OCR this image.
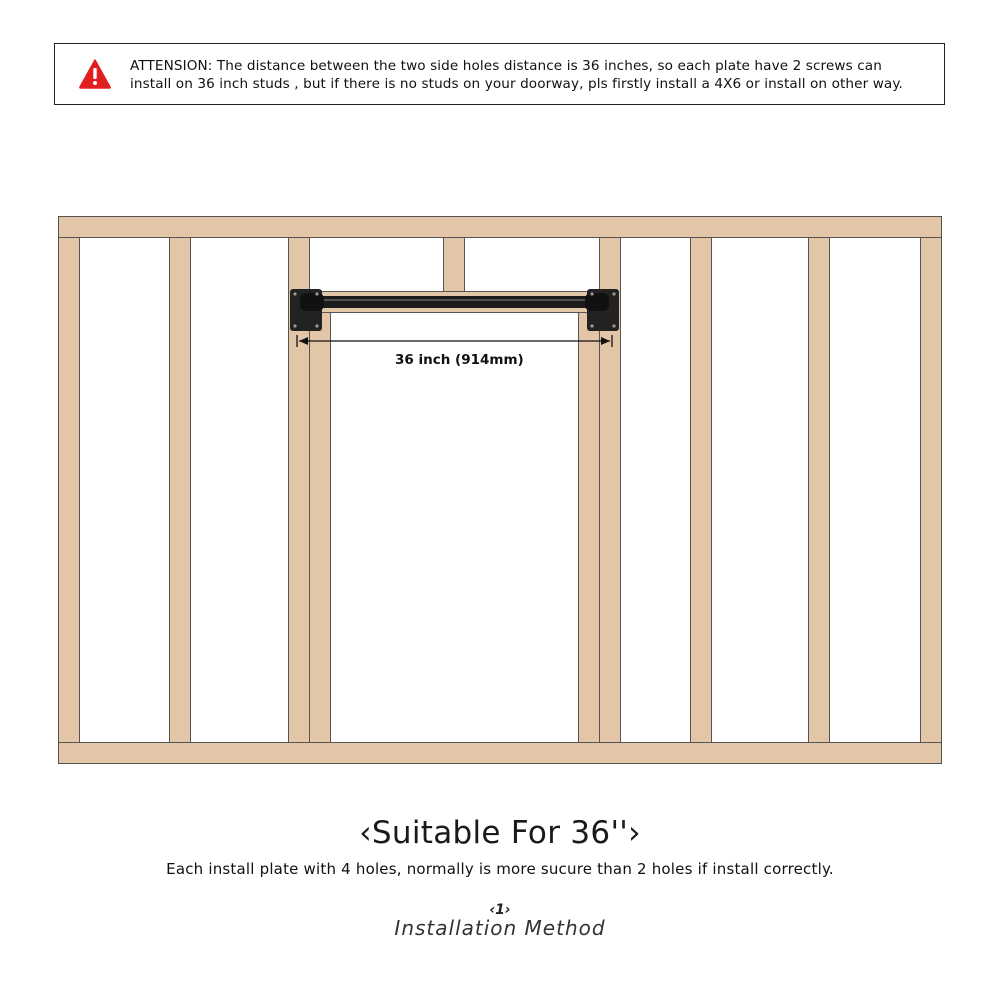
ATTENSION: The distance between the two side holes distance is 36 inches, so each plate have 2 screws can
install on 36 inch studs , but if there is no studs on your doorway, pls firstly install a 4X6 or install on other way.
36 inch (914mm)
‹Suitable For 36''›
Each install plate with 4 holes, normally is more sucure than 2 holes if install correctly.
‹1›
Installation Method
